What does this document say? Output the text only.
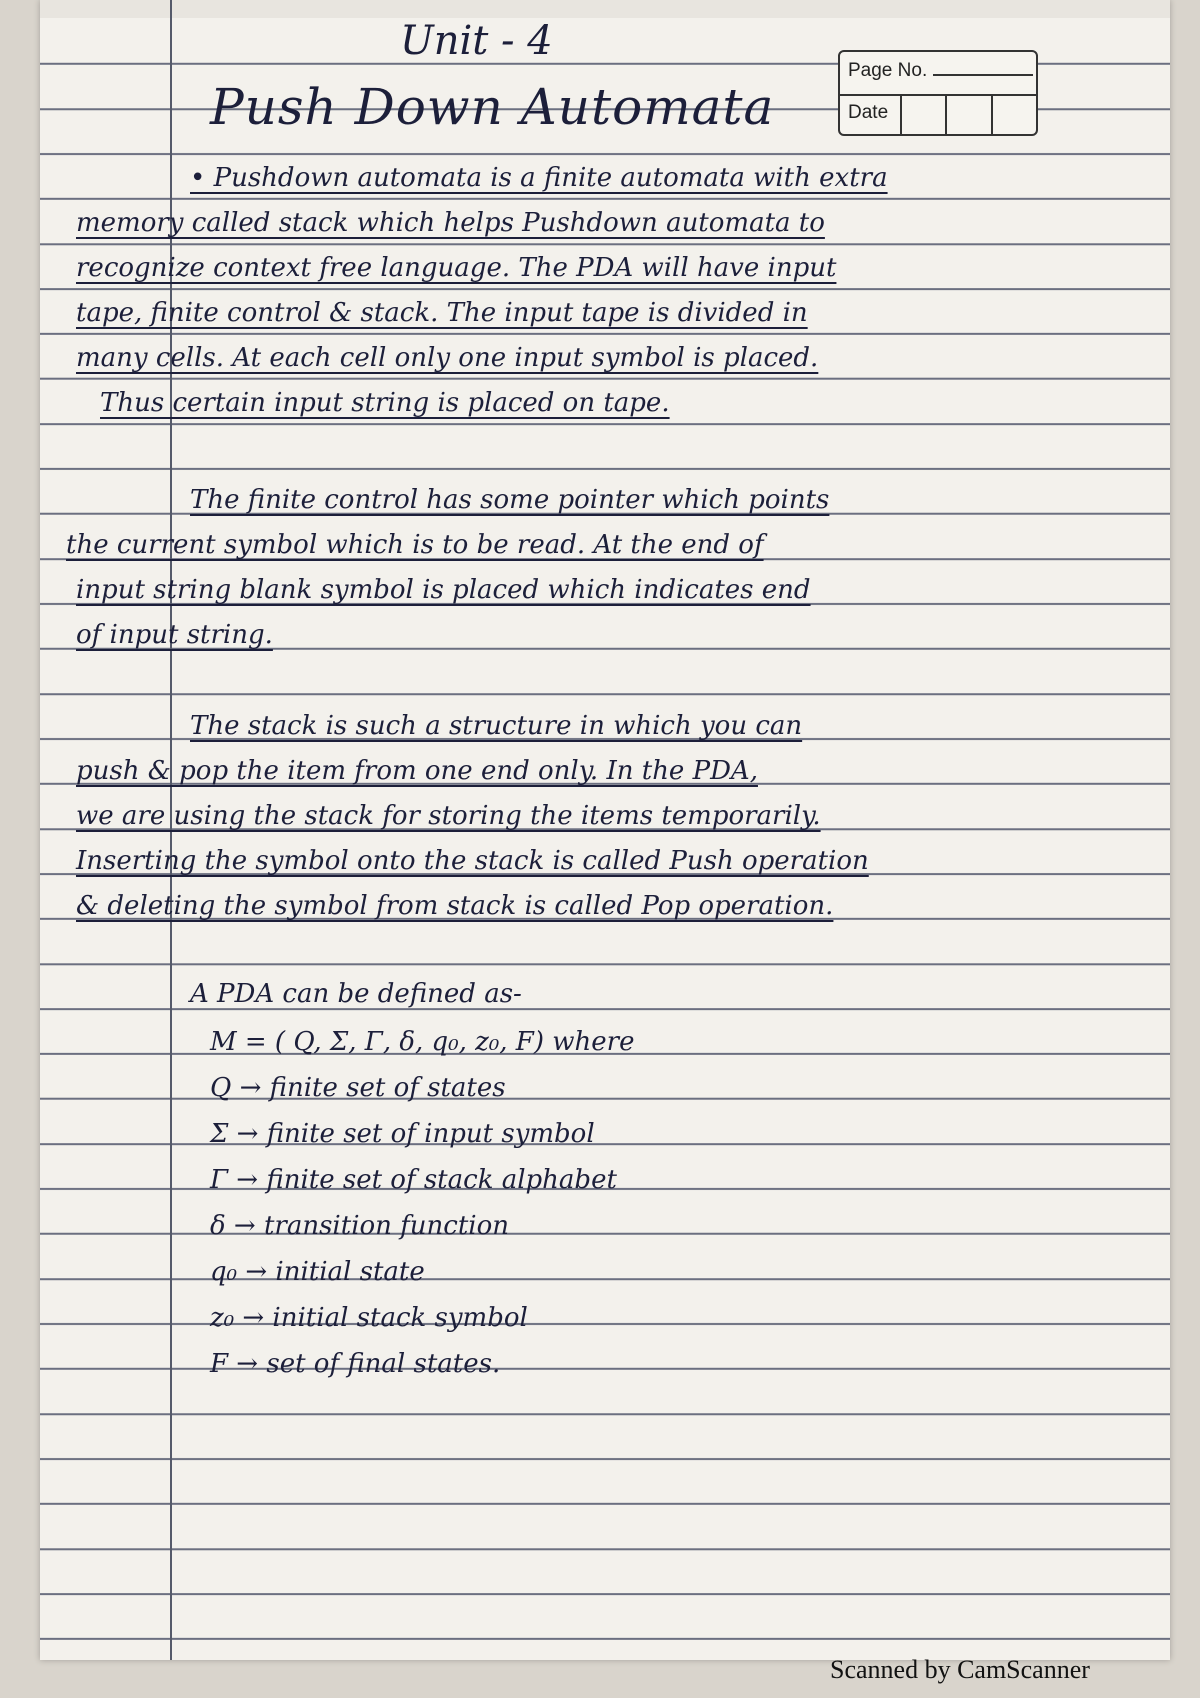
Unit - 4
Push Down Automata
Page No.
Date
• Pushdown automata is a finite automata with extra
memory called stack which helps Pushdown automata to
recognize context free language. The PDA will have input
tape, finite control & stack. The input tape is divided in
many cells. At each cell only one input symbol is placed.
Thus certain input string is placed on tape.
The finite control has some pointer which points
the current symbol which is to be read. At the end of
input string blank symbol is placed which indicates end
of input string.
The stack is such a structure in which you can
push & pop the item from one end only. In the PDA,
we are using the stack for storing the items temporarily.
Inserting the symbol onto the stack is called Push operation
& deleting the symbol from stack is called Pop operation.
A PDA can be defined as-
M = ( Q, Σ, Γ, δ, q₀, z₀, F) where
Q → finite set of states
Σ → finite set of input symbol
Γ → finite set of stack alphabet
δ → transition function
q₀ → initial state
z₀ → initial stack symbol
F → set of final states.
Scanned by CamScanner
